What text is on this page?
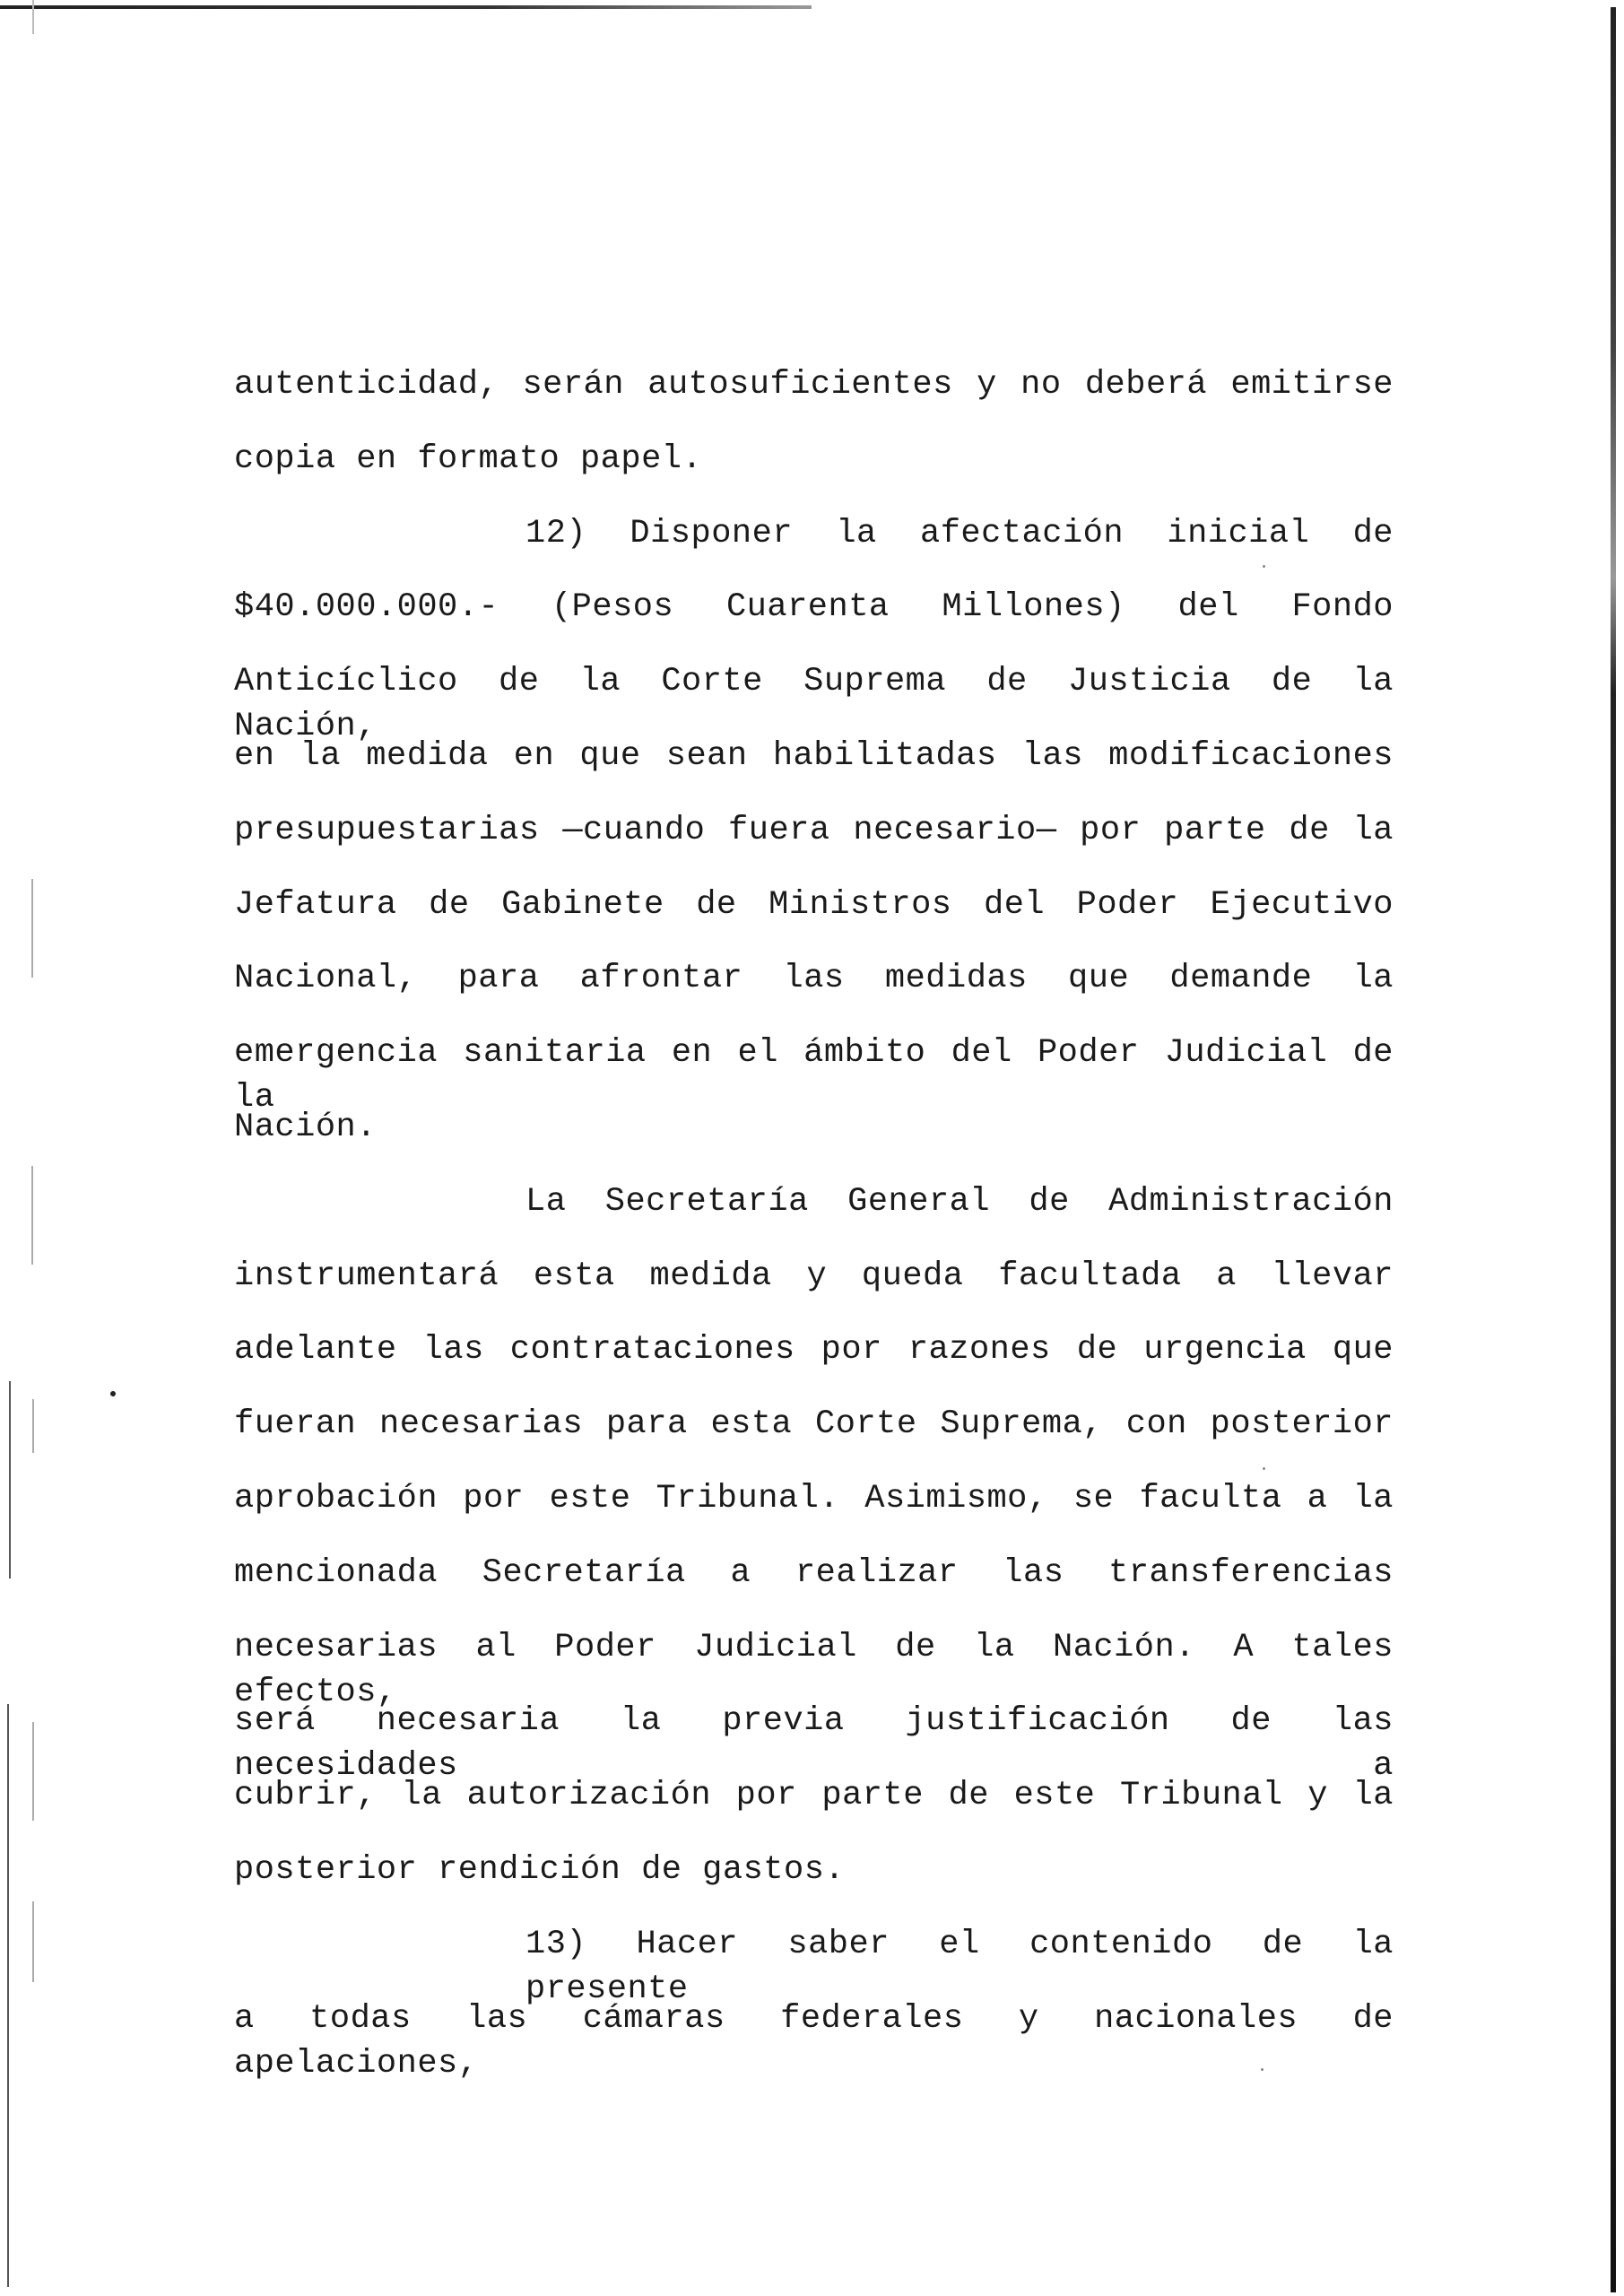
autenticidad, serán autosuficientes y no deberá emitirse
copia en formato papel.
12) Disponer la afectación inicial de
$40.000.000.- (Pesos Cuarenta Millones) del Fondo
Anticíclico de la Corte Suprema de Justicia de la Nación,
en la medida en que sean habilitadas las modificaciones
presupuestarias —cuando fuera necesario— por parte de la
Jefatura de Gabinete de Ministros del Poder Ejecutivo
Nacional, para afrontar las medidas que demande la
emergencia sanitaria en el ámbito del Poder Judicial de la
Nación.
La Secretaría General de Administración
instrumentará esta medida y queda facultada a llevar
adelante las contrataciones por razones de urgencia que
fueran necesarias para esta Corte Suprema, con posterior
aprobación por este Tribunal. Asimismo, se faculta a la
mencionada Secretaría a realizar las transferencias
necesarias al Poder Judicial de la Nación. A tales efectos,
será necesaria la previa justificación de las necesidades a
cubrir, la autorización por parte de este Tribunal y la
posterior rendición de gastos.
13) Hacer saber el contenido de la presente
a todas las cámaras federales y nacionales de apelaciones,
